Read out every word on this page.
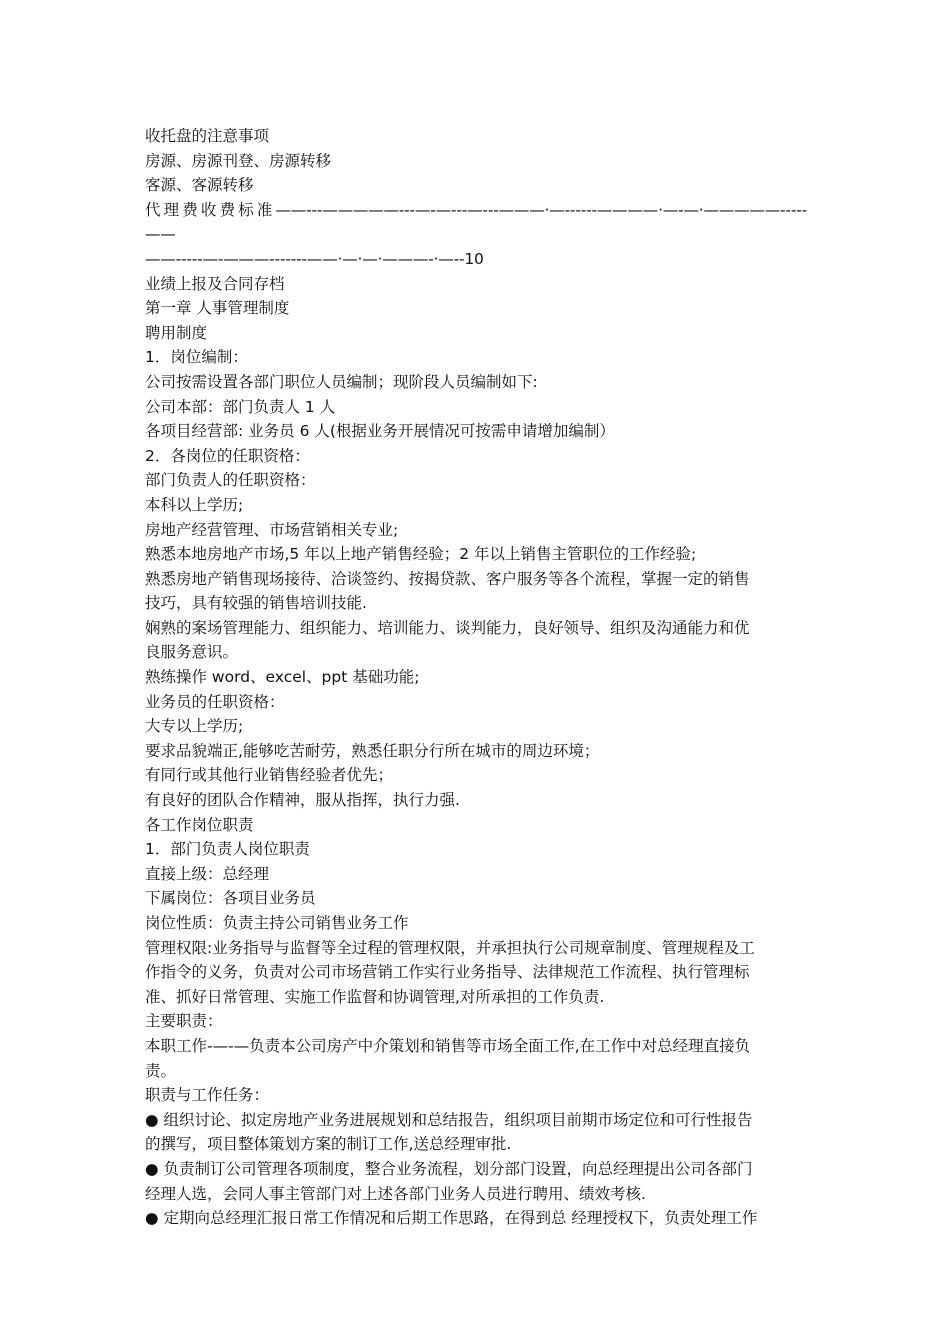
收托盘的注意事项

房源、房源刊登、房源转移

客源、客源转移

代理费收费标准——---—————---—-—---—---———·—------————·—-—·—————-----——

——-----—-———-------——·—·—·———-·—--10

业绩上报及合同存档

第一章 人事管理制度

聘用制度

1．岗位编制：

公司按需设置各部门职位人员编制；现阶段人员编制如下:

公司本部：部门负责人 1 人

各项目经营部: 业务员 6 人(根据业务开展情况可按需申请增加编制）

2．各岗位的任职资格：

部门负责人的任职资格：

本科以上学历;

房地产经营管理、市场营销相关专业;

熟悉本地房地产市场,5 年以上地产销售经验；2 年以上销售主管职位的工作经验;

熟悉房地产销售现场接待、洽谈签约、按揭贷款、客户服务等各个流程，掌握一定的销售

技巧，具有较强的销售培训技能.

娴熟的案场管理能力、组织能力、培训能力、谈判能力，良好领导、组织及沟通能力和优

良服务意识。

熟练操作 word、excel、ppt 基础功能;

业务员的任职资格：

大专以上学历;

要求品貌端正,能够吃苦耐劳，熟悉任职分行所在城市的周边环境；

有同行或其他行业销售经验者优先；

有良好的团队合作精神，服从指挥，执行力强.

各工作岗位职责

1．部门负责人岗位职责

直接上级：总经理

下属岗位：各项目业务员

岗位性质：负责主持公司销售业务工作

管理权限:业务指导与监督等全过程的管理权限，并承担执行公司规章制度、管理规程及工

作指令的义务，负责对公司市场营销工作实行业务指导、法律规范工作流程、执行管理标

准、抓好日常管理、实施工作监督和协调管理,对所承担的工作负责.

主要职责：

本职工作-—-—负责本公司房产中介策划和销售等市场全面工作,在工作中对总经理直接负

责。

职责与工作任务：

● 组织讨论、拟定房地产业务进展规划和总结报告，组织项目前期市场定位和可行性报告

的撰写，项目整体策划方案的制订工作,送总经理审批.

● 负责制订公司管理各项制度，整合业务流程，划分部门设置，向总经理提出公司各部门

经理人选，会同人事主管部门对上述各部门业务人员进行聘用、绩效考核.

● 定期向总经理汇报日常工作情况和后期工作思路，在得到总 经理授权下，负责处理工作
